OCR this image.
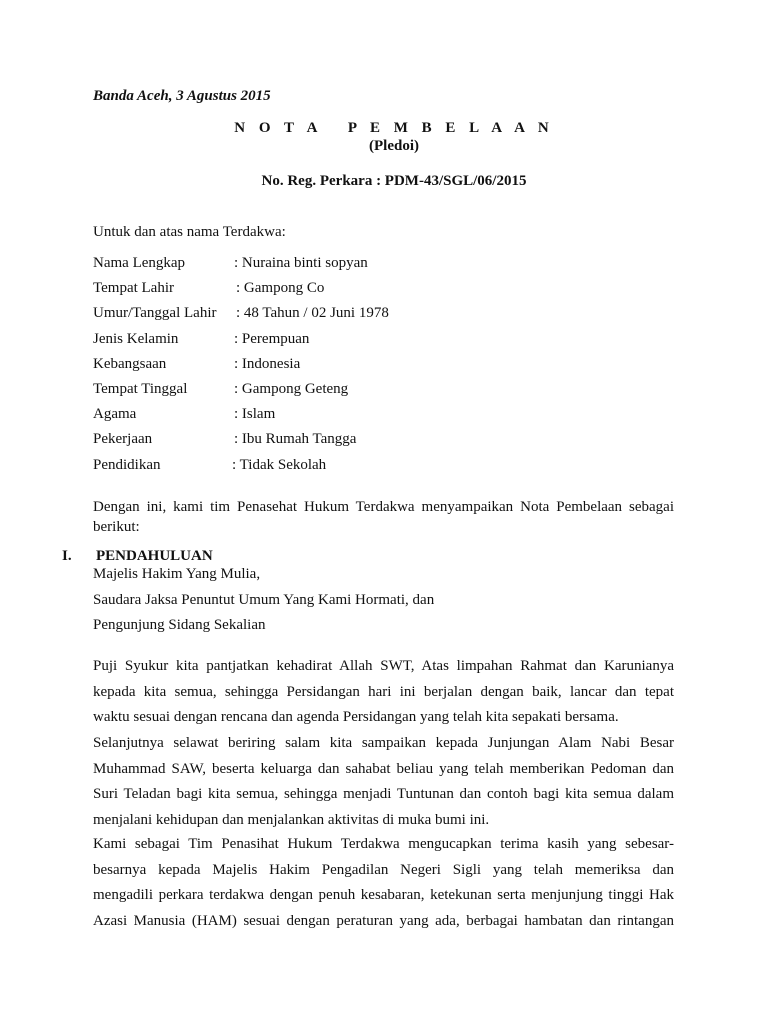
Banda Aceh, 3 Agustus 2015
N O T A   P E M B E L A A N
(Pledoi)
No. Reg. Perkara : PDM-43/SGL/06/2015
Untuk dan atas nama Terdakwa:
Nama Lengkap	: Nuraina binti sopyan
Tempat Lahir	: Gampong Co
Umur/Tanggal Lahir : 48 Tahun / 02 Juni 1978
Jenis Kelamin	: Perempuan
Kebangsaan	: Indonesia
Tempat Tinggal	: Gampong Geteng
Agama	: Islam
Pekerjaan	: Ibu Rumah Tangga
Pendidikan	: Tidak Sekolah
Dengan ini, kami tim Penasehat Hukum Terdakwa menyampaikan Nota Pembelaan sebagai
berikut:
I. PENDAHULUAN
Majelis Hakim Yang Mulia,
Saudara Jaksa Penuntut Umum Yang Kami Hormati, dan
Pengunjung Sidang Sekalian
Puji Syukur kita pantjatkan kehadirat Allah SWT, Atas limpahan Rahmat dan Karunianya
kepada kita semua, sehingga Persidangan hari ini berjalan dengan baik, lancar dan tepat
waktu sesuai dengan rencana dan agenda Persidangan yang telah kita sepakati bersama.
Selanjutnya selawat beriring salam kita sampaikan kepada Junjungan Alam Nabi Besar
Muhammad SAW, beserta keluarga dan sahabat beliau yang telah memberikan Pedoman dan
Suri Teladan bagi kita semua, sehingga menjadi Tuntunan dan contoh bagi kita semua dalam
menjalani kehidupan dan menjalankan aktivitas di muka bumi ini.
Kami sebagai Tim Penasihat Hukum Terdakwa mengucapkan terima kasih yang sebesar-
besarnya kepada Majelis Hakim Pengadilan Negeri Sigli yang telah memeriksa dan
mengadili perkara terdakwa dengan penuh kesabaran, ketekunan serta menjunjung tinggi Hak
Azasi Manusia (HAM) sesuai dengan peraturan yang ada, berbagai hambatan dan rintangan
